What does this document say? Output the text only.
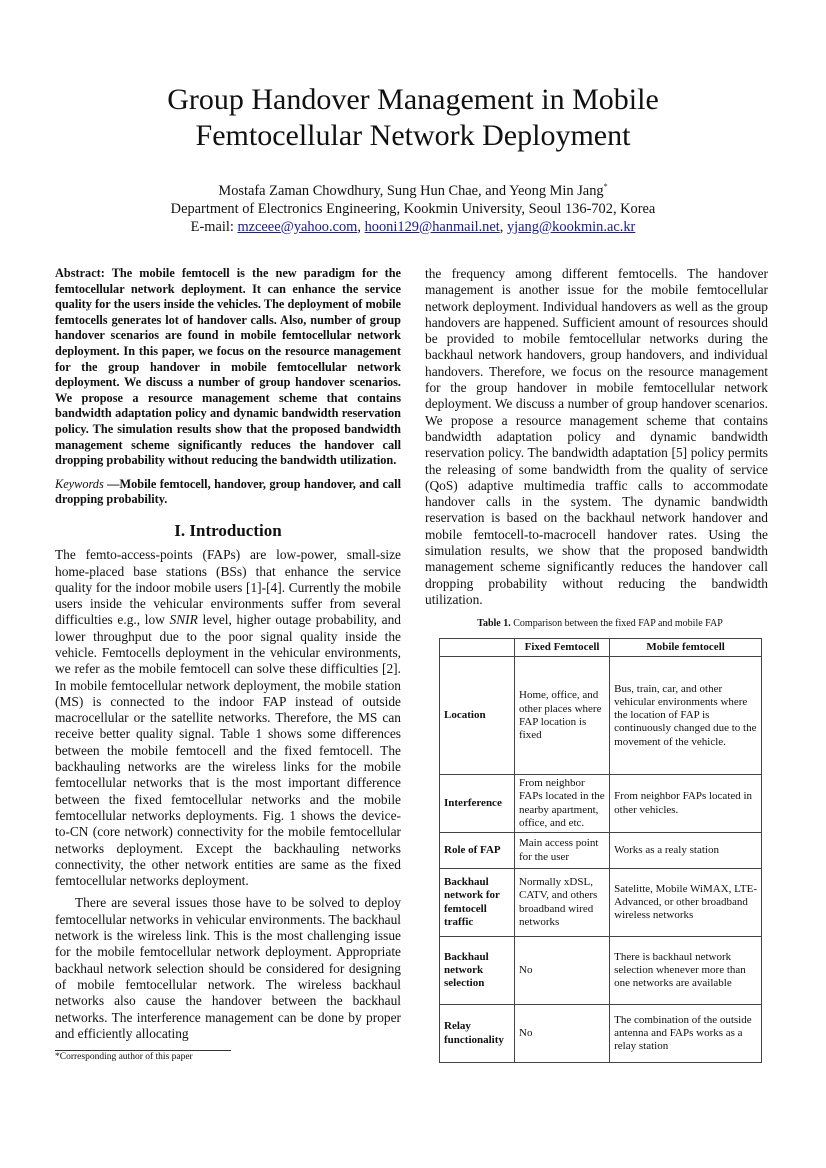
Group Handover Management in Mobile
Femtocellular Network Deployment
Mostafa Zaman Chowdhury, Sung Hun Chae, and Yeong Min Jang*
Department of Electronics Engineering, Kookmin University, Seoul 136-702, Korea
E-mail: mzceee@yahoo.com, hooni129@hanmail.net, yjang@kookmin.ac.kr

Abstract: The mobile femtocell is the new paradigm for the femtocellular network deployment. It can enhance the service quality for the users inside the vehicles. The deployment of mobile femtocells generates lot of handover calls. Also, number of group handover scenarios are found in mobile femtocellular network deployment. In this paper, we focus on the resource management for the group handover in mobile femtocellular network deployment. We discuss a number of group handover scenarios. We propose a resource management scheme that contains bandwidth adaptation policy and dynamic bandwidth reservation policy. The simulation results show that the proposed bandwidth management scheme significantly reduces the handover call dropping probability without reducing the bandwidth utilization.

Keywords —Mobile femtocell, handover, group handover, and call dropping probability.

I. Introduction

The femto-access-points (FAPs) are low-power, small-size home-placed base stations (BSs) that enhance the service quality for the indoor mobile users [1]-[4]. Currently the mobile users inside the vehicular environments suffer from several difficulties e.g., low SNIR level, higher outage probability, and lower throughput due to the poor signal quality inside the vehicle. Femtocells deployment in the vehicular environments, we refer as the mobile femtocell can solve these difficulties [2]. In mobile femtocellular network deployment, the mobile station (MS) is connected to the indoor FAP instead of outside macrocellular or the satellite networks. Therefore, the MS can receive better quality signal. Table 1 shows some differences between the mobile femtocell and the fixed femtocell. The backhauling networks are the wireless links for the mobile femtocellular networks that is the most important difference between the fixed femtocellular networks and the mobile femtocellular networks deployments. Fig. 1 shows the device-to-CN (core network) connectivity for the mobile femtocellular networks deployment. Except the backhauling networks connectivity, the other network entities are same as the fixed femtocellular networks deployment.

There are several issues those have to be solved to deploy femtocellular networks in vehicular environments. The backhaul network is the wireless link. This is the most challenging issue for the mobile femtocellular network deployment. Appropriate backhaul network selection should be considered for designing of mobile femtocellular network. The wireless backhaul networks also cause the handover between the backhaul networks. The interference management can be done by proper and efficiently allocating

the frequency among different femtocells. The handover management is another issue for the mobile femtocellular network deployment. Individual handovers as well as the group handovers are happened. Sufficient amount of resources should be provided to mobile femtocellular networks during the backhaul network handovers, group handovers, and individual handovers. Therefore, we focus on the resource management for the group handover in mobile femtocellular network deployment. We discuss a number of group handover scenarios. We propose a resource management scheme that contains bandwidth adaptation policy and dynamic bandwidth reservation policy. The bandwidth adaptation [5] policy permits the releasing of some bandwidth from the quality of service (QoS) adaptive multimedia traffic calls to accommodate handover calls in the system. The dynamic bandwidth reservation is based on the backhaul network handover and mobile femtocell-to-macrocell handover rates. Using the simulation results, we show that the proposed bandwidth management scheme significantly reduces the handover call dropping probability without reducing the bandwidth utilization.

Table 1. Comparison between the fixed FAP and mobile FAP
	Fixed Femtocell	Mobile femtocell
Location	Home, office, and other places where FAP location is fixed	Bus, train, car, and other vehicular environments where the location of FAP is continuously changed due to the movement of the vehicle.
Interference	From neighbor FAPs located in the nearby apartment, office, and etc.	From neighbor FAPs located in other vehicles.
Role of FAP	Main access point for the user	Works as a realy station
Backhaul network for femtocell traffic	Normally xDSL, CATV, and others broadband wired networks	Satelitte, Mobile WiMAX, LTE-Advanced, or other broadband wireless networks
Backhaul network selection	No	There is backhaul network selection whenever more than one networks are available
Relay functionality	No	The combination of the outside antenna and FAPs works as a relay station
*Corresponding author of this paper
